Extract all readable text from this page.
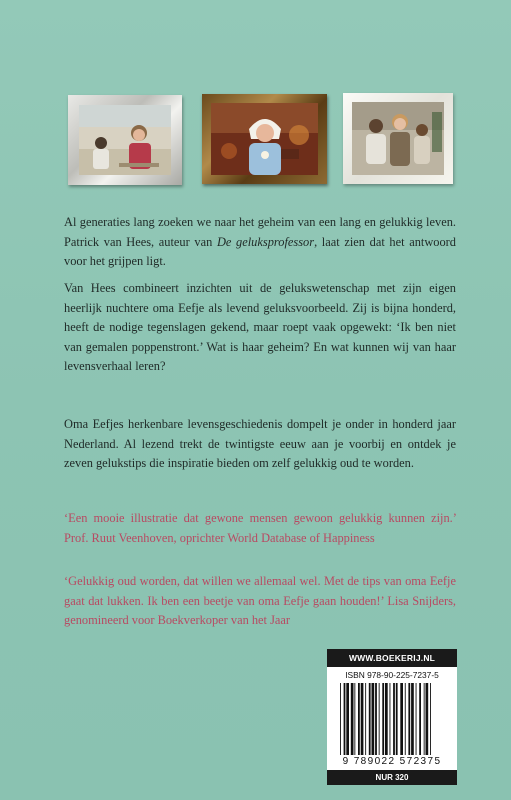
Al generaties lang zoeken we naar het geheim van een lang en gelukkig leven. Patrick van Hees, auteur van De geluksprofessor, laat zien dat het antwoord voor het grijpen ligt.

Van Hees combineert inzichten uit de gelukswetenschap met zijn eigen heerlijk nuchtere oma Eefje als levend geluksvoorbeeld. Zij is bijna honderd, heeft de nodige tegenslagen gekend, maar roept vaak opgewekt: ‘Ik ben niet van gemalen poppenstront.’ Wat is haar geheim? En wat kunnen wij van haar levensverhaal leren?

Oma Eefjes herkenbare levensgeschiedenis dompelt je onder in honderd jaar Nederland. Al lezend trekt de twintigste eeuw aan je voorbij en ontdek je zeven gelukstips die inspiratie bieden om zelf gelukkig oud te worden.

‘Een mooie illustratie dat gewone mensen gewoon gelukkig kunnen zijn.’ Prof. Ruut Veenhoven, oprichter World Database of Happiness

‘Gelukkig oud worden, dat willen we allemaal wel. Met de tips van oma Eefje gaat dat lukken. Ik ben een beetje van oma Eefje gaan houden!’ Lisa Snijders, genomineerd voor Boekverkoper van het Jaar

WWW.BOEKERIJ.NL
ISBN 978-90-225-7237-5
9 789022 572375
NUR 320
